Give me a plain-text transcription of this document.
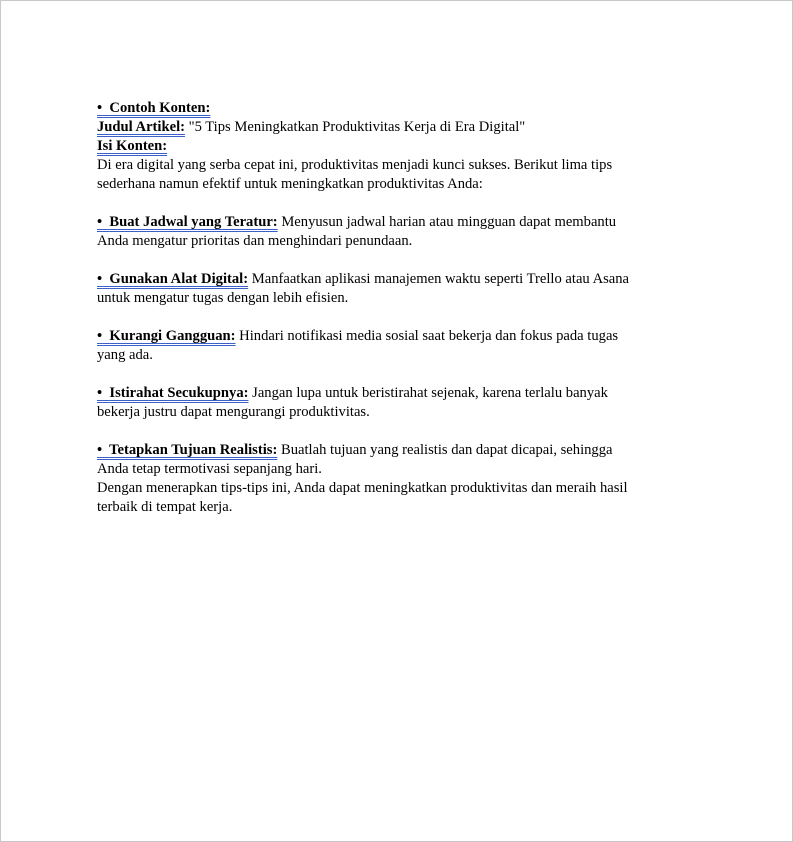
• Contoh Konten:
Judul Artikel: "5 Tips Meningkatkan Produktivitas Kerja di Era Digital"
Isi Konten:
Di era digital yang serba cepat ini, produktivitas menjadi kunci sukses. Berikut lima tips
sederhana namun efektif untuk meningkatkan produktivitas Anda:
• Buat Jadwal yang Teratur: Menyusun jadwal harian atau mingguan dapat membantu
Anda mengatur prioritas dan menghindari penundaan.
• Gunakan Alat Digital: Manfaatkan aplikasi manajemen waktu seperti Trello atau Asana
untuk mengatur tugas dengan lebih efisien.
• Kurangi Gangguan: Hindari notifikasi media sosial saat bekerja dan fokus pada tugas
yang ada.
• Istirahat Secukupnya: Jangan lupa untuk beristirahat sejenak, karena terlalu banyak
bekerja justru dapat mengurangi produktivitas.
• Tetapkan Tujuan Realistis: Buatlah tujuan yang realistis dan dapat dicapai, sehingga
Anda tetap termotivasi sepanjang hari.
Dengan menerapkan tips-tips ini, Anda dapat meningkatkan produktivitas dan meraih hasil
terbaik di tempat kerja.
